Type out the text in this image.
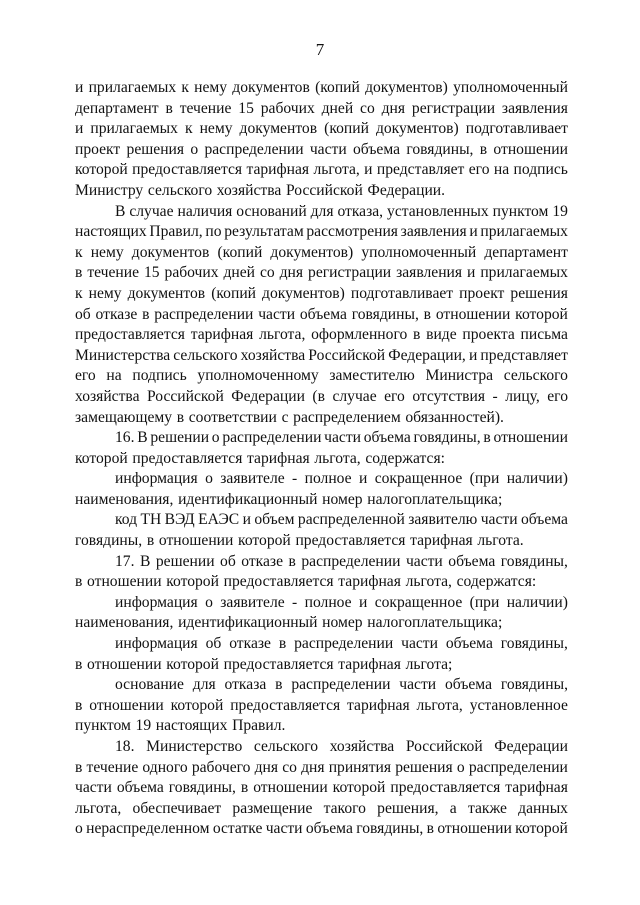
7
и прилагаемых к нему документов (копий документов) уполномоченный
департамент в течение 15 рабочих дней со дня регистрации заявления
и прилагаемых к нему документов (копий документов) подготавливает
проект решения о распределении части объема говядины, в отношении
которой предоставляется тарифная льгота, и представляет его на подпись
Министру сельского хозяйства Российской Федерации.
В случае наличия оснований для отказа, установленных пунктом 19
настоящих Правил, по результатам рассмотрения заявления и прилагаемых
к нему документов (копий документов) уполномоченный департамент
в течение 15 рабочих дней со дня регистрации заявления и прилагаемых
к нему документов (копий документов) подготавливает проект решения
об отказе в распределении части объема говядины, в отношении которой
предоставляется тарифная льгота, оформленного в виде проекта письма
Министерства сельского хозяйства Российской Федерации, и представляет
его на подпись уполномоченному заместителю Министра сельского
хозяйства Российской Федерации (в случае его отсутствия - лицу, его
замещающему в соответствии с распределением обязанностей).
16. В решении о распределении части объема говядины, в отношении
которой предоставляется тарифная льгота, содержатся:
информация о заявителе - полное и сокращенное (при наличии)
наименования, идентификационный номер налогоплательщика;
код ТН ВЭД ЕАЭС и объем распределенной заявителю части объема
говядины, в отношении которой предоставляется тарифная льгота.
17. В решении об отказе в распределении части объема говядины,
в отношении которой предоставляется тарифная льгота, содержатся:
информация о заявителе - полное и сокращенное (при наличии)
наименования, идентификационный номер налогоплательщика;
информация об отказе в распределении части объема говядины,
в отношении которой предоставляется тарифная льгота;
основание для отказа в распределении части объема говядины,
в отношении которой предоставляется тарифная льгота, установленное
пунктом 19 настоящих Правил.
18. Министерство сельского хозяйства Российской Федерации
в течение одного рабочего дня со дня принятия решения о распределении
части объема говядины, в отношении которой предоставляется тарифная
льгота, обеспечивает размещение такого решения, а также данных
о нераспределенном остатке части объема говядины, в отношении которой
